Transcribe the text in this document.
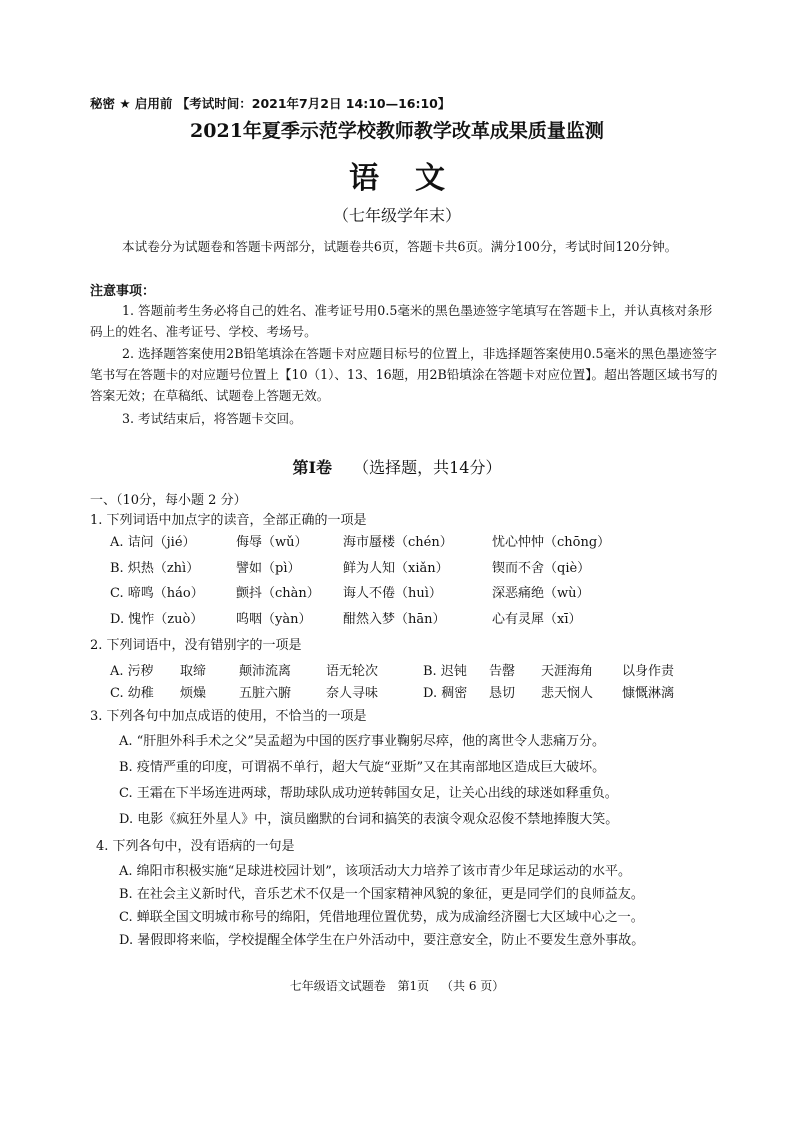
秘密 ★ 启用前 【考试时间：2021年7月2日 14:10—16:10】
2021年夏季示范学校教师教学改革成果质量监测
语文
（七年级学年末）
本试卷分为试题卷和答题卡两部分，试题卷共6页，答题卡共6页。满分100分，考试时间120分钟。
注意事项：
1. 答题前考生务必将自己的姓名、准考证号用0.5毫米的黑色墨迹签字笔填写在答题卡上，并认真核对条形码上的姓名、准考证号、学校、考场号。
2. 选择题答案使用2B铅笔填涂在答题卡对应题目标号的位置上，非选择题答案使用0.5毫米的黑色墨迹签字笔书写在答题卡的对应题号位置上【10（1）、13、16题，用2B铅填涂在答题卡对应位置】。超出答题区域书写的答案无效；在草稿纸、试题卷上答题无效。
3. 考试结束后，将答题卡交回。
第Ⅰ卷 （选择题，共14分）
一、（10分，每小题 2 分）
1. 下列词语中加点字的读音，全部正确的一项是
A. 诘问（jié）	侮辱（wǔ）	海市蜃楼（chén）	忧心忡忡（chōng）
B. 炽热（zhì）	譬如（pì）	鲜为人知（xiǎn）	锲而不舍（qiè）
C. 啼鸣（háo） 颤抖（chàn） 诲人不倦（huì）	深恶痛绝（wù）
D. 愧怍（zuò）	呜咽（yàn） 酣然入梦（hān）	心有灵犀（xī）
2. 下列词语中，没有错别字的一项是
A. 污秽 取缔	颠沛流离	语无轮次	B. 迟钝 告罄 天涯海角 以身作责
C. 幼稚 烦燥	五脏六腑	奈人寻味	D. 稠密 恳切 悲天悯人 慷慨淋漓
3. 下列各句中加点成语的使用，不恰当的一项是
A. “肝胆外科手术之父”吴孟超为中国的医疗事业鞠躬尽瘁，他的离世令人悲痛万分。
B. 疫情严重的印度，可谓祸不单行，超大气旋“亚斯”又在其南部地区造成巨大破坏。
C. 王霜在下半场连进两球，帮助球队成功逆转韩国女足，让关心出线的球迷如释重负。
D. 电影《疯狂外星人》中，演员幽默的台词和搞笑的表演令观众忍俊不禁地捧腹大笑。
4. 下列各句中，没有语病的一句是
A. 绵阳市积极实施“足球进校园计划”，该项活动大力培养了该市青少年足球运动的水平。
B. 在社会主义新时代，音乐艺术不仅是一个国家精神风貌的象征，更是同学们的良师益友。
C. 蝉联全国文明城市称号的绵阳，凭借地理位置优势，成为成渝经济圈七大区域中心之一。
D. 暑假即将来临，学校提醒全体学生在户外活动中，要注意安全，防止不要发生意外事故。
七年级语文试题卷 第1页 （共 6 页）
